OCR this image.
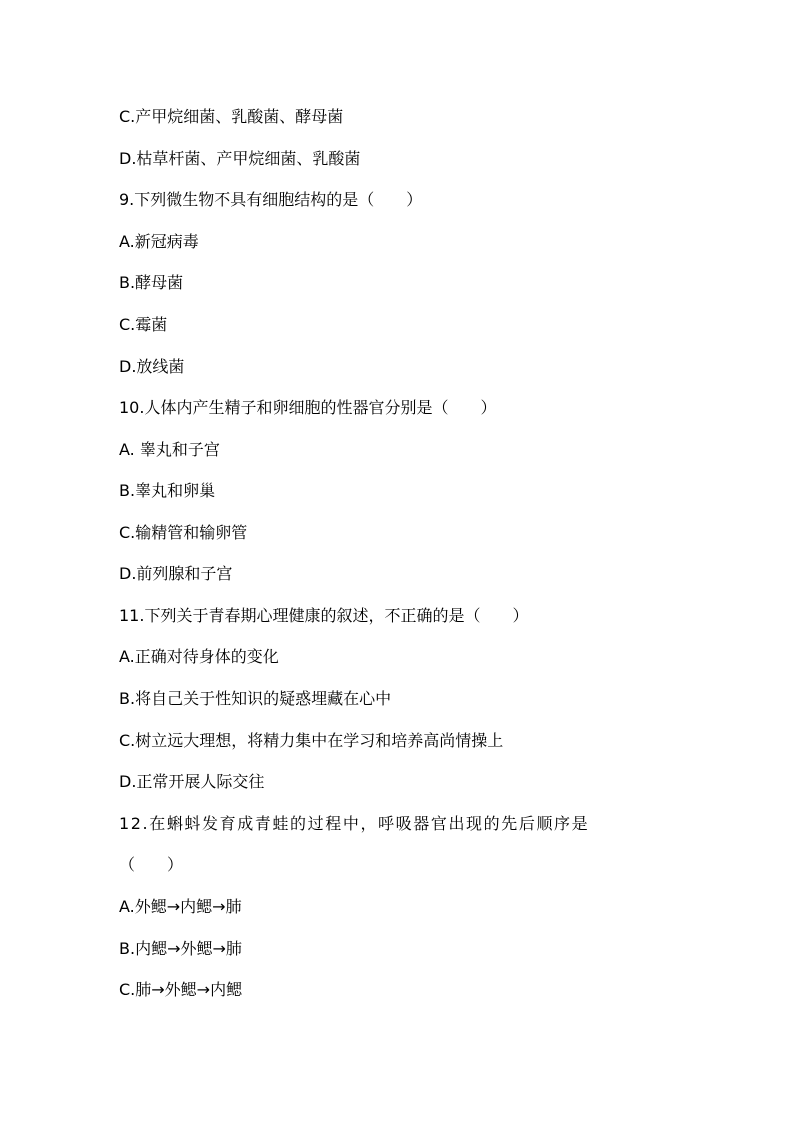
C.产甲烷细菌、乳酸菌、酵母菌
D.枯草杆菌、产甲烷细菌、乳酸菌
9.下列微生物不具有细胞结构的是（　　）
A.新冠病毒
B.酵母菌
C.霉菌
D.放线菌
10.人体内产生精子和卵细胞的性器官分别是（　　）
A. 睾丸和子宫
B.睾丸和卵巢
C.输精管和输卵管
D.前列腺和子宫
11.下列关于青春期心理健康的叙述，不正确的是（　　）
A.正确对待身体的变化
B.将自己关于性知识的疑惑埋藏在心中
C.树立远大理想，将精力集中在学习和培养高尚情操上
D.正常开展人际交往
12.在蝌蚪发育成青蛙的过程中，呼吸器官出现的先后顺序是
（　　）
A.外鳃→内鳃→肺
B.内鳃→外鳃→肺
C.肺→外鳃→内鳃
